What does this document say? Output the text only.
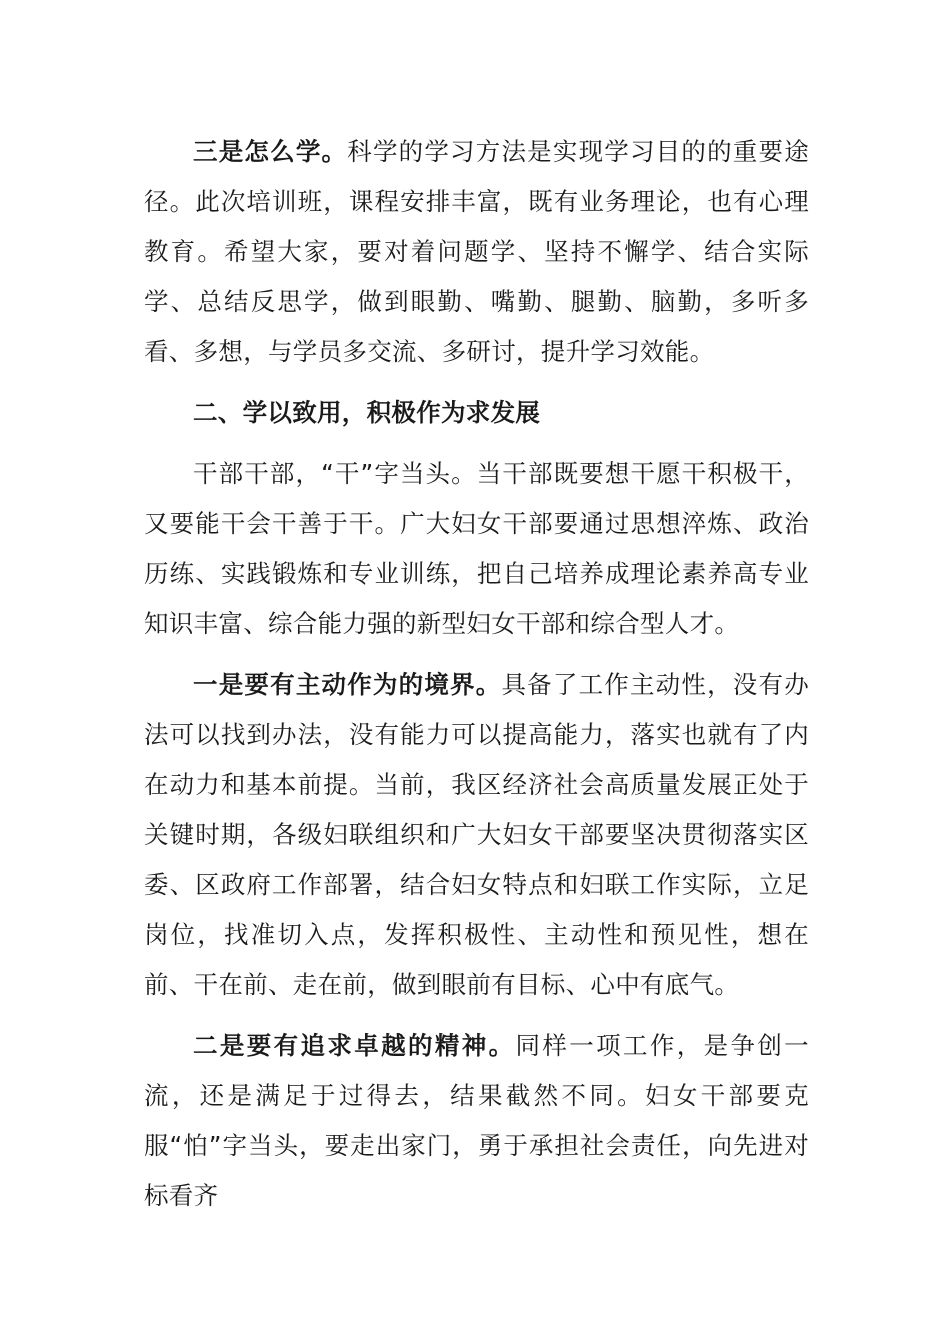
三是怎么学。科学的学习方法是实现学习目的的重要途径。此次培训班，课程安排丰富，既有业务理论，也有心理教育。希望大家，要对着问题学、坚持不懈学、结合实际学、总结反思学，做到眼勤、嘴勤、腿勤、脑勤，多听多看、多想，与学员多交流、多研讨，提升学习效能。

二、学以致用，积极作为求发展

干部干部，“干”字当头。当干部既要想干愿干积极干，又要能干会干善于干。广大妇女干部要通过思想淬炼、政治历练、实践锻炼和专业训练，把自己培养成理论素养高专业知识丰富、综合能力强的新型妇女干部和综合型人才。

一是要有主动作为的境界。具备了工作主动性，没有办法可以找到办法，没有能力可以提高能力，落实也就有了内在动力和基本前提。当前，我区经济社会高质量发展正处于关键时期，各级妇联组织和广大妇女干部要坚决贯彻落实区委、区政府工作部署，结合妇女特点和妇联工作实际，立足岗位，找准切入点，发挥积极性、主动性和预见性，想在前、干在前、走在前，做到眼前有目标、心中有底气。

二是要有追求卓越的精神。同样一项工作，是争创一流，还是满足于过得去，结果截然不同。妇女干部要克服“怕”字当头，要走出家门，勇于承担社会责任，向先进对标看齐
